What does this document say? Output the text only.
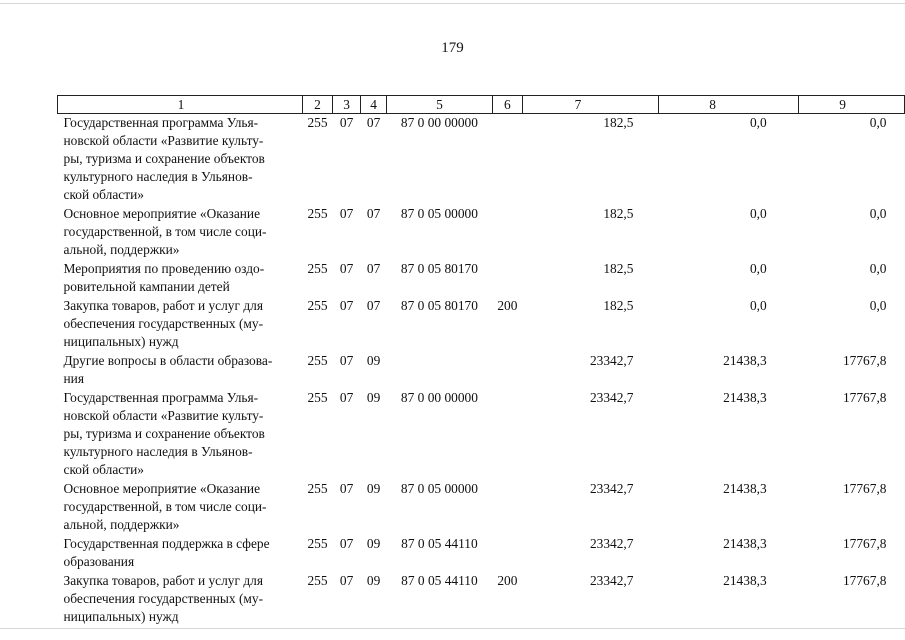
179
1	2	3	4	5	6	7	8	9
Государственная программа Улья-
новской области «Развитие культу-
ры, туризма и сохранение объектов
культурного наследия в Ульянов-
ской области»	255	07	07	87 0 00 00000		182,5	0,0	0,0
Основное мероприятие «Оказание
государственной, в том числе соци-
альной, поддержки»	255	07	07	87 0 05 00000		182,5	0,0	0,0
Мероприятия по проведению оздо-
ровительной кампании детей	255	07	07	87 0 05 80170		182,5	0,0	0,0
Закупка товаров, работ и услуг для
обеспечения государственных (му-
ниципальных) нужд	255	07	07	87 0 05 80170	200	182,5	0,0	0,0
Другие вопросы в области образова-
ния	255	07	09			23342,7	21438,3	17767,8
Государственная программа Улья-
новской области «Развитие культу-
ры, туризма и сохранение объектов
культурного наследия в Ульянов-
ской области»	255	07	09	87 0 00 00000		23342,7	21438,3	17767,8
Основное мероприятие «Оказание
государственной, в том числе соци-
альной, поддержки»	255	07	09	87 0 05 00000		23342,7	21438,3	17767,8
Государственная поддержка в сфере
образования	255	07	09	87 0 05 44110		23342,7	21438,3	17767,8
Закупка товаров, работ и услуг для
обеспечения государственных (му-
ниципальных) нужд	255	07	09	87 0 05 44110	200	23342,7	21438,3	17767,8
